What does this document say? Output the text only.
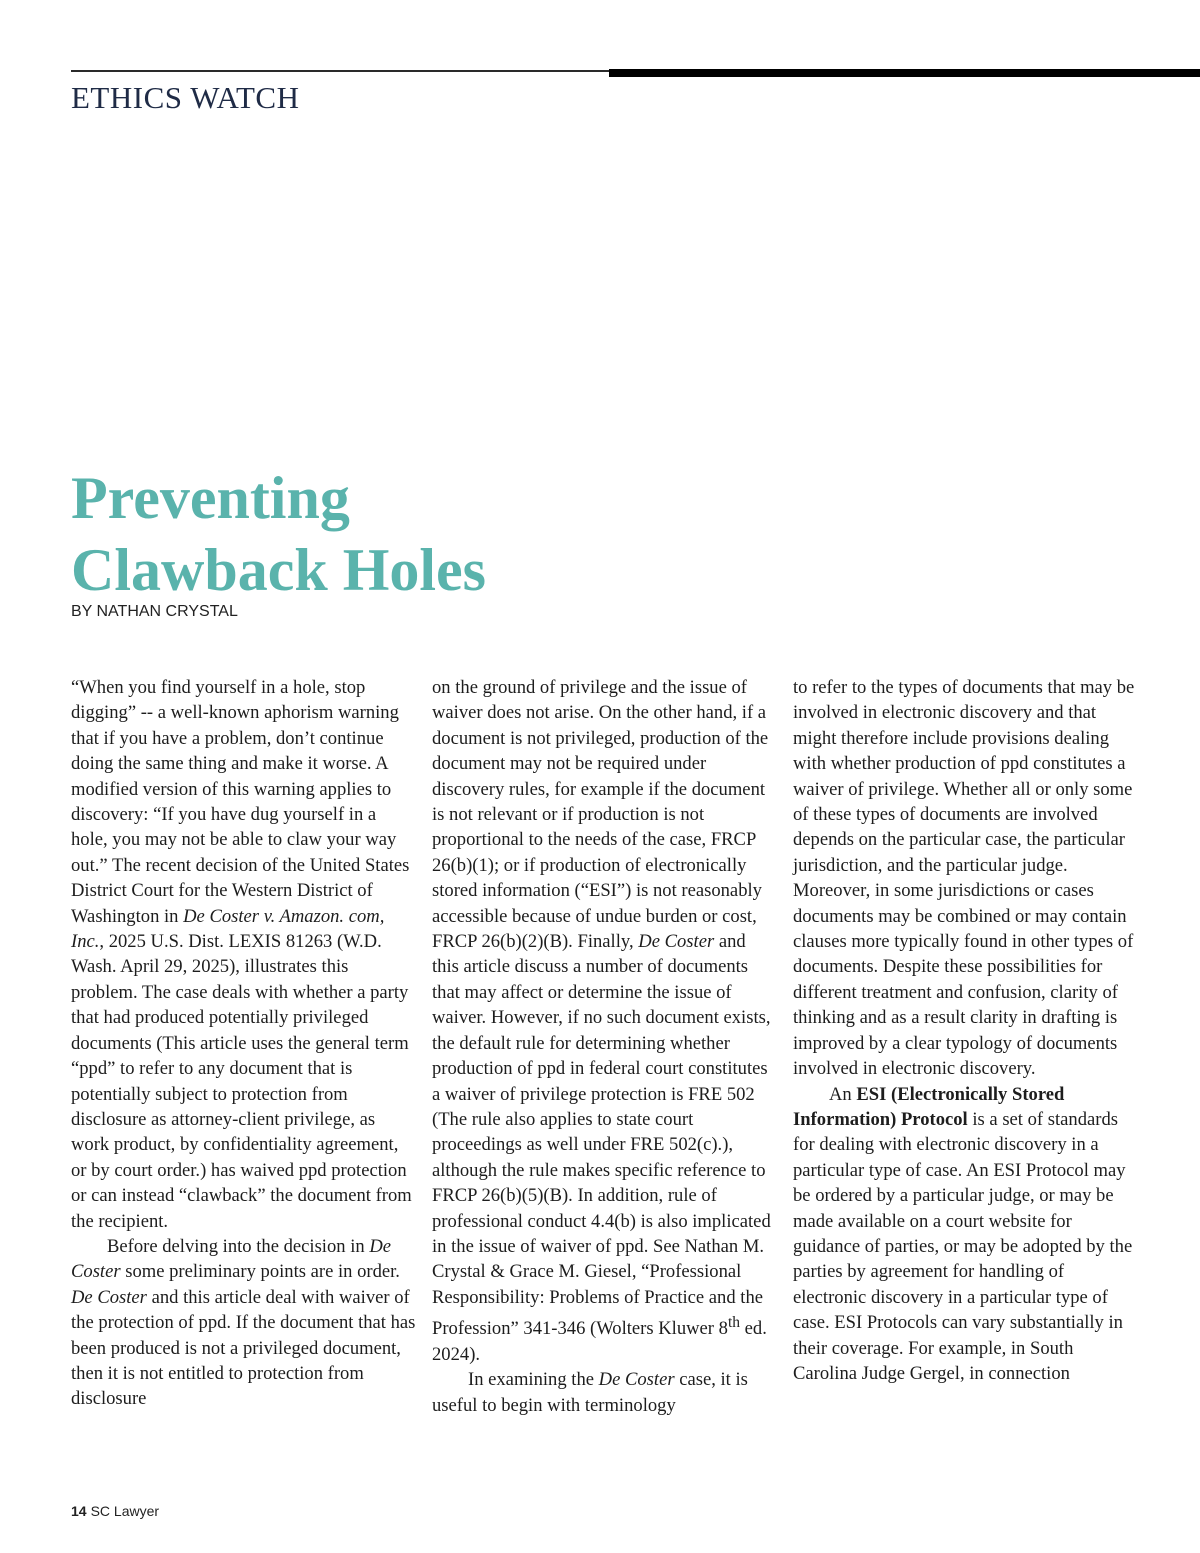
ETHICS WATCH
Preventing
Clawback Holes
BY NATHAN CRYSTAL

“When you find yourself in a hole, stop digging” -- a well-known aphorism warning that if you have a problem, don’t continue doing the same thing and make it worse. A modified version of this warning applies to discovery: “If you have dug yourself in a hole, you may not be able to claw your way out.” The recent decision of the United States District Court for the Western District of Washington in De Coster v. Amazon. com, Inc., 2025 U.S. Dist. LEXIS 81263 (W.D. Wash. April 29, 2025), illustrates this problem. The case deals with whether a party that had produced potentially privileged documents (This article uses the general term “ppd” to refer to any document that is potentially subject to protection from disclosure as attorney-client privilege, as work product, by confidentiality agreement, or by court order.) has waived ppd protection or can instead “clawback” the document from the recipient.

Before delving into the decision in De Coster some preliminary points are in order. De Coster and this article deal with waiver of the protection of ppd. If the document that has been produced is not a privileged document, then it is not entitled to protection from disclosure

on the ground of privilege and the issue of waiver does not arise. On the other hand, if a document is not privileged, production of the document may not be required under discovery rules, for example if the document is not relevant or if production is not proportional to the needs of the case, FRCP 26(b)(1); or if production of electronically stored information (“ESI”) is not reasonably accessible because of undue burden or cost, FRCP 26(b)(2)(B). Finally, De Coster and this article discuss a number of documents that may affect or determine the issue of waiver. However, if no such document exists, the default rule for determining whether production of ppd in federal court constitutes a waiver of privilege protection is FRE 502 (The rule also applies to state court proceedings as well under FRE 502(c).), although the rule makes specific reference to FRCP 26(b)(5)(B). In addition, rule of professional conduct 4.4(b) is also implicated in the issue of waiver of ppd. See Nathan M. Crystal & Grace M. Giesel, “Professional Responsibility: Problems of Practice and the Profession” 341-346 (Wolters Kluwer 8th ed. 2024).

In examining the De Coster case, it is useful to begin with terminology

to refer to the types of documents that may be involved in electronic discovery and that might therefore include provisions dealing with whether production of ppd constitutes a waiver of privilege. Whether all or only some of these types of documents are involved depends on the particular case, the particular jurisdiction, and the particular judge. Moreover, in some jurisdictions or cases documents may be combined or may contain clauses more typically found in other types of documents. Despite these possibilities for different treatment and confusion, clarity of thinking and as a result clarity in drafting is improved by a clear typology of documents involved in electronic discovery.

An ESI (Electronically Stored Information) Protocol is a set of standards for dealing with electronic discovery in a particular type of case. An ESI Protocol may be ordered by a particular judge, or may be made available on a court website for guidance of parties, or may be adopted by the parties by agreement for handling of electronic discovery in a particular type of case. ESI Protocols can vary substantially in their coverage. For example, in South Carolina Judge Gergel, in connection

14 SC Lawyer
